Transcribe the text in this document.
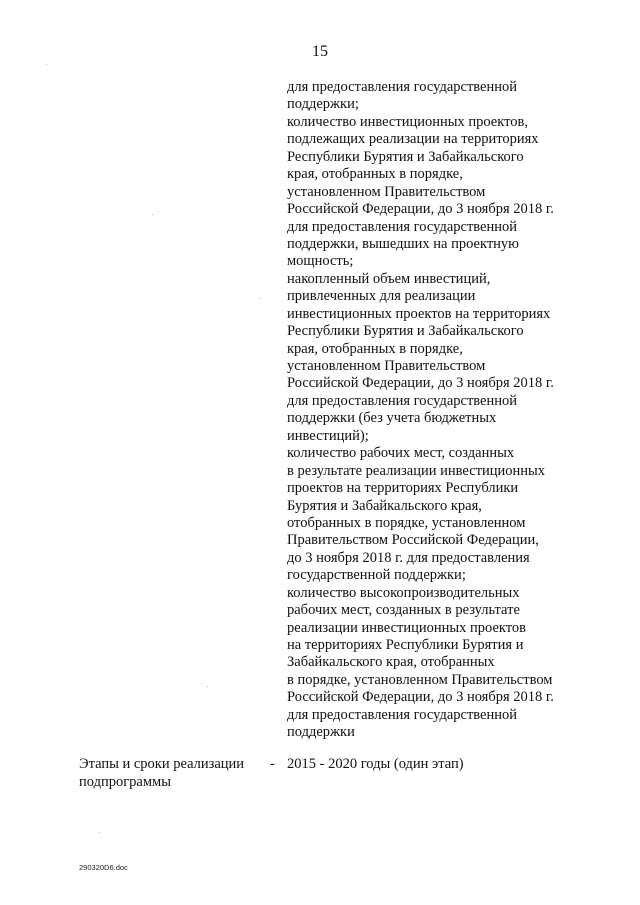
15
для предоставления государственной
поддержки;
количество инвестиционных проектов,
подлежащих реализации на территориях
Республики Бурятия и Забайкальского
края, отобранных в порядке,
установленном Правительством
Российской Федерации, до 3 ноября 2018 г.
для предоставления государственной
поддержки, вышедших на проектную
мощность;
накопленный объем инвестиций,
привлеченных для реализации
инвестиционных проектов на территориях
Республики Бурятия и Забайкальского
края, отобранных в порядке,
установленном Правительством
Российской Федерации, до 3 ноября 2018 г.
для предоставления государственной
поддержки (без учета бюджетных
инвестиций);
количество рабочих мест, созданных
в результате реализации инвестиционных
проектов на территориях Республики
Бурятия и Забайкальского края,
отобранных в порядке, установленном
Правительством Российской Федерации,
до 3 ноября 2018 г. для предоставления
государственной поддержки;
количество высокопроизводительных
рабочих мест, созданных в результате
реализации инвестиционных проектов
на территориях Республики Бурятия и
Забайкальского края, отобранных
в порядке, установленном Правительством
Российской Федерации, до 3 ноября 2018 г.
для предоставления государственной
поддержки
Этапы и сроки реализации
подпрограммы
- 2015 - 2020 годы (один этап)
290320D6.doc
